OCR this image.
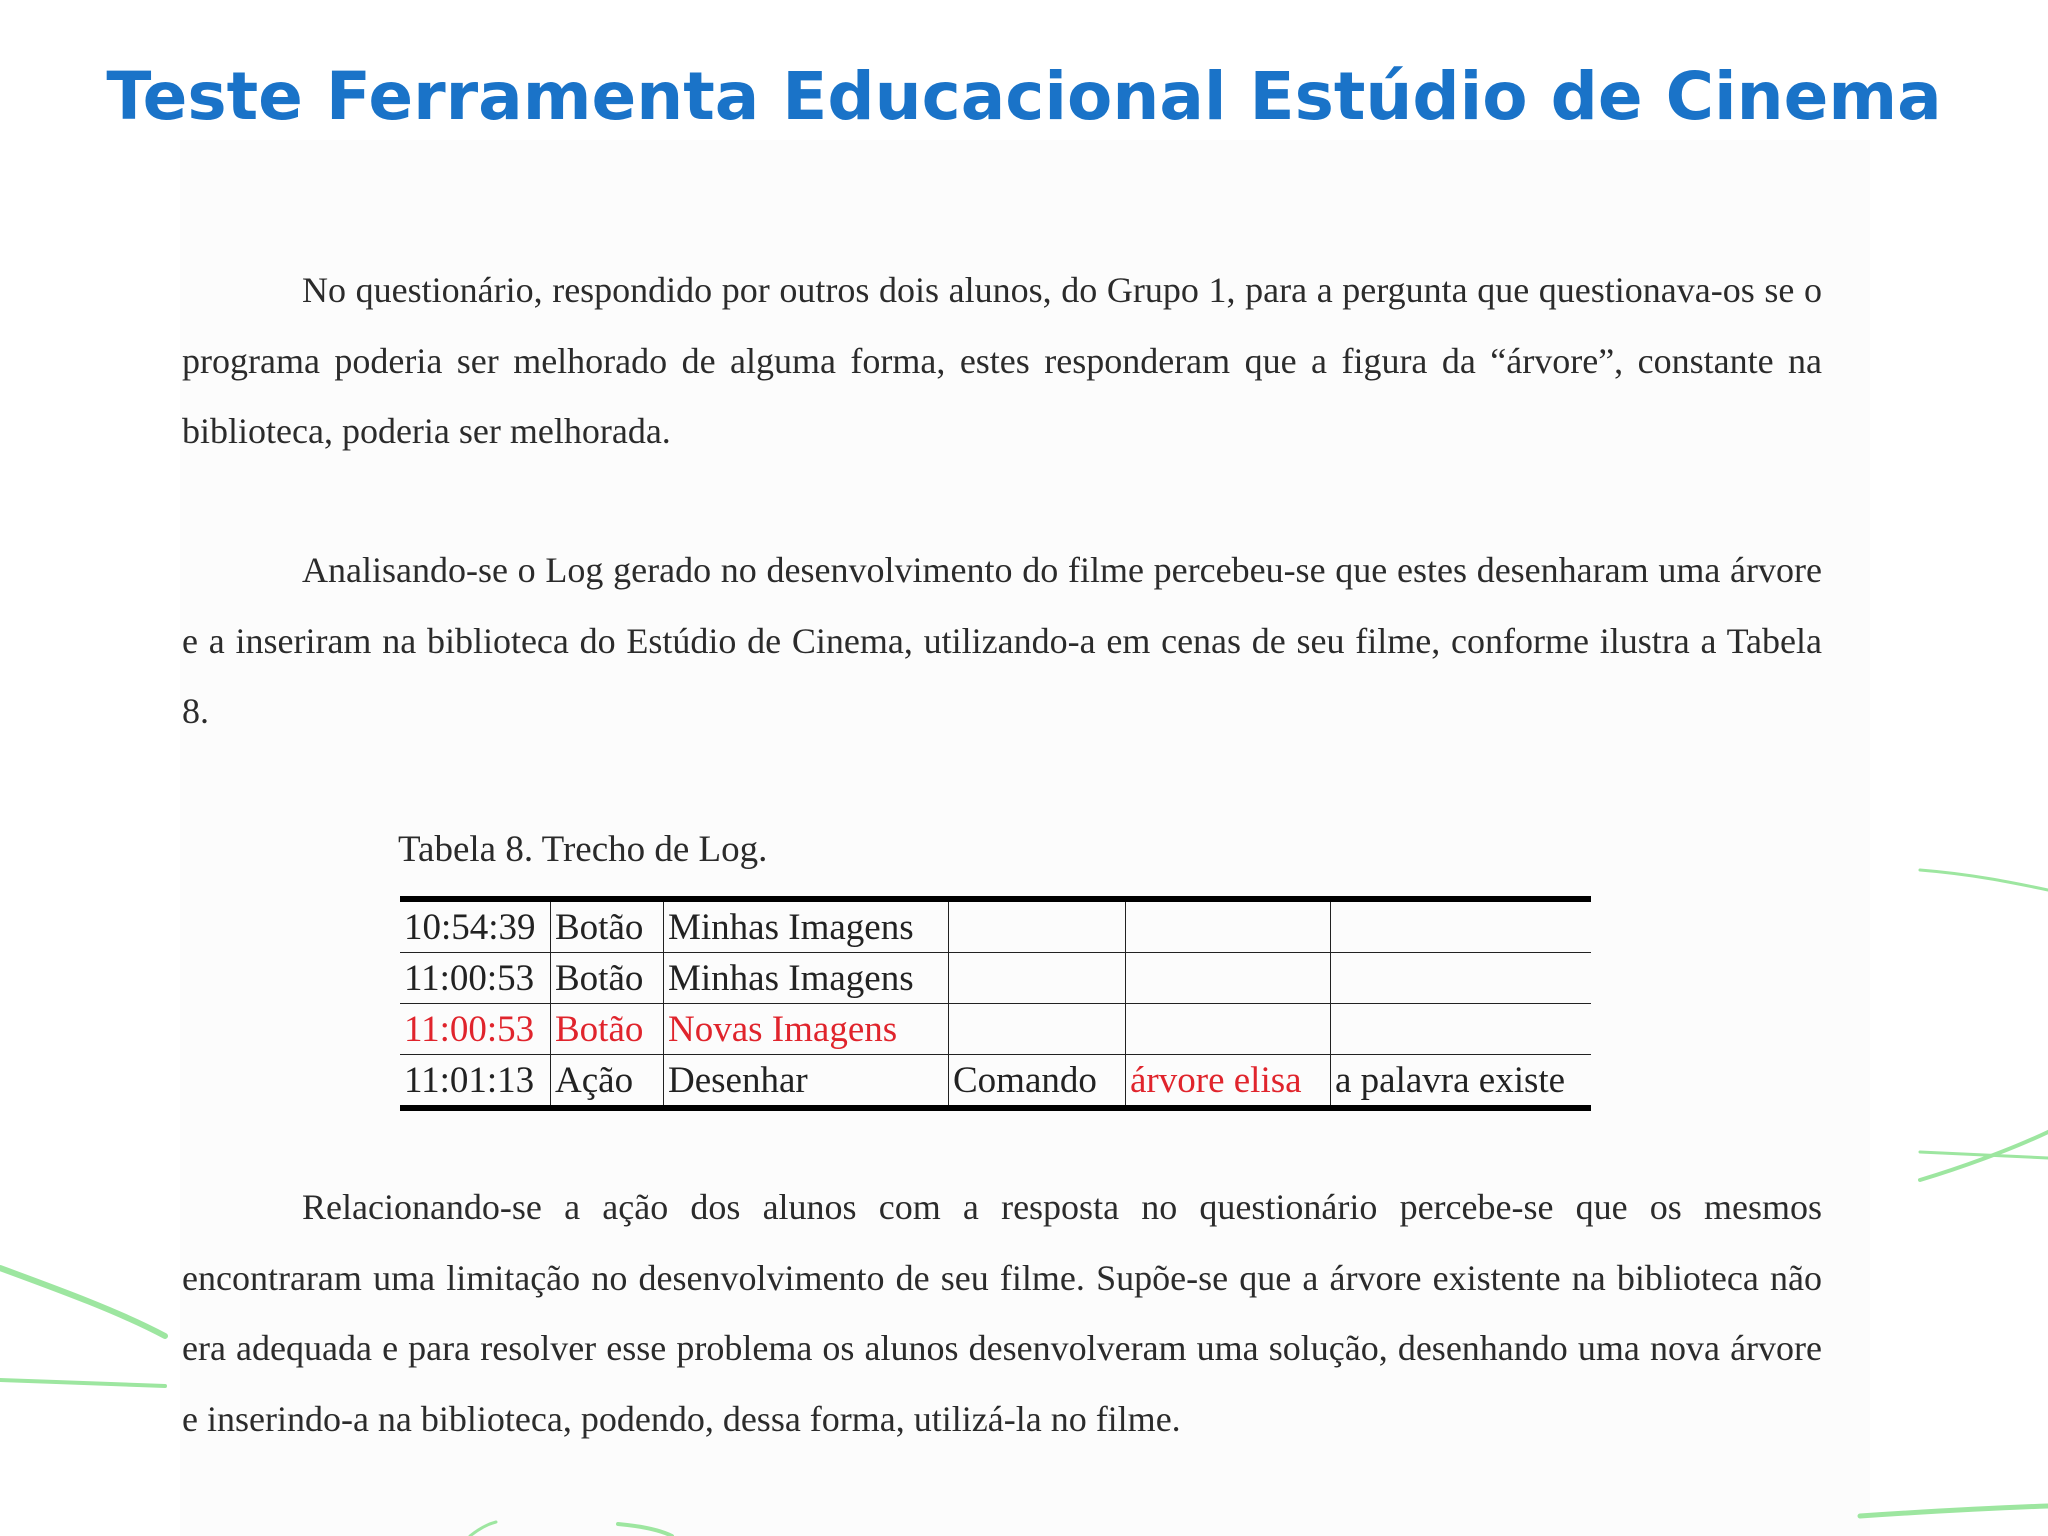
Teste Ferramenta Educacional Estúdio de Cinema

No questionário, respondido por outros dois alunos, do Grupo 1, para a pergunta que questionava-os se o programa poderia ser melhorado de alguma forma, estes responderam que a figura da “árvore”, constante na biblioteca, poderia ser melhorada.

Analisando-se o Log gerado no desenvolvimento do filme percebeu-se que estes desenharam uma árvore e a inseriram na biblioteca do Estúdio de Cinema, utilizando-a em cenas de seu filme, conforme ilustra a Tabela 8.

Tabela 8. Trecho de Log.

10:54:39	Botão	Minhas Imagens			
11:00:53	Botão	Minhas Imagens			
11:00:53	Botão	Novas Imagens			
11:01:13	Ação	Desenhar	Comando	árvore elisa	a palavra existe

Relacionando-se a ação dos alunos com a resposta no questionário percebe-se que os mesmos encontraram uma limitação no desenvolvimento de seu filme. Supõe-se que a árvore existente na biblioteca não era adequada e para resolver esse problema os alunos desenvolveram uma solução, desenhando uma nova árvore e inserindo-a na biblioteca, podendo, dessa forma, utilizá-la no filme.
